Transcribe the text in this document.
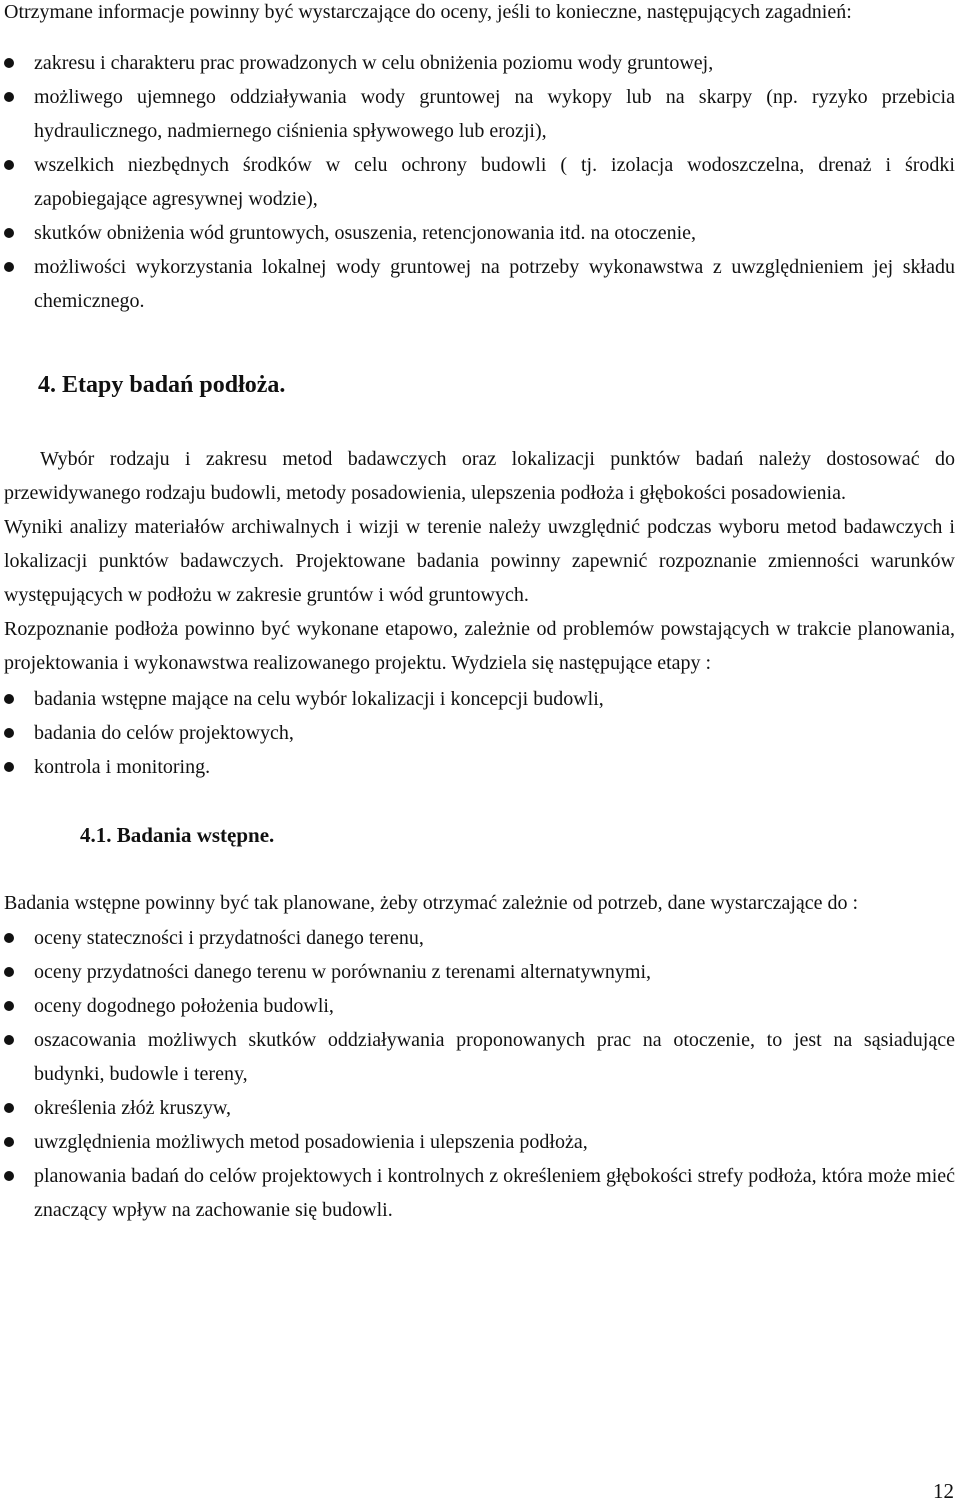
Otrzymane informacje powinny być wystarczające do oceny, jeśli to konieczne, następujących zagadnień:

zakresu i charakteru prac prowadzonych w celu obniżenia poziomu wody gruntowej,
możliwego ujemnego oddziaływania wody gruntowej na wykopy lub na skarpy (np. ryzyko przebicia hydraulicznego, nadmiernego ciśnienia spływowego lub erozji),
wszelkich niezbędnych środków w celu ochrony budowli ( tj. izolacja wodoszczelna, drenaż i środki zapobiegające agresywnej wodzie),
skutków obniżenia wód gruntowych, osuszenia, retencjonowania itd. na otoczenie,
możliwości wykorzystania lokalnej wody gruntowej na potrzeby wykonawstwa z uwzględnieniem jej składu chemicznego.
4. Etapy badań podłoża.

Wybór rodzaju i zakresu metod badawczych oraz lokalizacji punktów badań należy dostosować do przewidywanego rodzaju budowli, metody posadowienia, ulepszenia podłoża i głębokości posadowienia.

Wyniki analizy materiałów archiwalnych i wizji w terenie należy uwzględnić podczas wyboru metod badawczych i lokalizacji punktów badawczych. Projektowane badania powinny zapewnić rozpoznanie zmienności warunków występujących w podłożu w zakresie gruntów i wód gruntowych.

Rozpoznanie podłoża powinno być wykonane etapowo, zależnie od problemów powstających w trakcie planowania, projektowania i wykonawstwa realizowanego projektu. Wydziela się następujące etapy :

badania wstępne mające na celu wybór lokalizacji i koncepcji budowli,
badania do celów projektowych,
kontrola i monitoring.
4.1. Badania wstępne.

Badania wstępne powinny być tak planowane, żeby otrzymać zależnie od potrzeb, dane wystarczające do :

oceny stateczności i przydatności danego terenu,
oceny przydatności danego terenu w porównaniu z terenami alternatywnymi,
oceny dogodnego położenia budowli,
oszacowania możliwych skutków oddziaływania proponowanych prac na otoczenie, to jest na sąsiadujące budynki, budowle i tereny,
określenia złóż kruszyw,
uwzględnienia możliwych metod posadowienia i ulepszenia podłoża,
planowania badań do celów projektowych i kontrolnych z określeniem głębokości strefy podłoża, która może mieć znaczący wpływ na zachowanie się budowli.
12
